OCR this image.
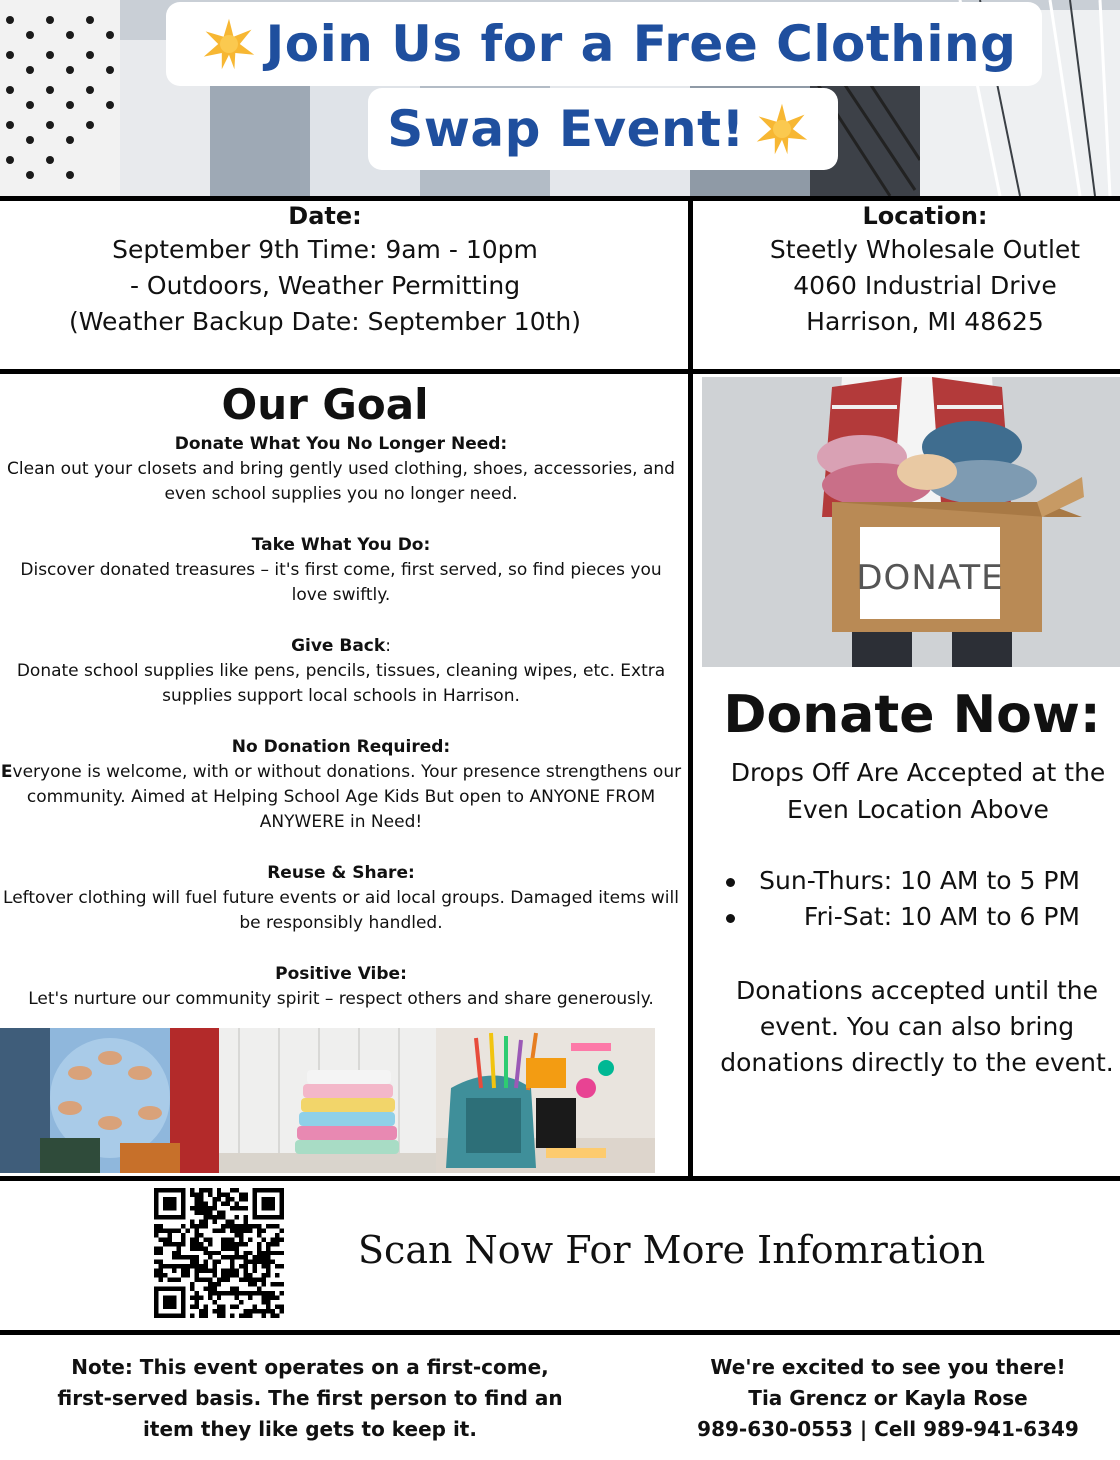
Join Us for a Free Clothing
Swap Event!
Date:
September 9th Time: 9am - 10pm
- Outdoors, Weather Permitting
(Weather Backup Date: September 10th)
Location:
Steetly Wholesale Outlet
4060 Industrial Drive
Harrison, MI 48625
Our Goal
Donate What You No Longer Need:
Clean out your closets and bring gently used clothing, shoes, accessories, and even school supplies you no longer need.
Take What You Do:
Discover donated treasures – it's first come, first served, so find pieces you love swiftly.
Give Back:
Donate school supplies like pens, pencils, tissues, cleaning wipes, etc. Extra supplies support local schools in Harrison.
No Donation Required:
Everyone is welcome, with or without donations. Your presence strengthens our community. Aimed at Helping School Age Kids But open to ANYONE FROM ANYWERE in Need!
Reuse & Share:
Leftover clothing will fuel future events or aid local groups. Damaged items will be responsibly handled.
Positive Vibe:
Let's nurture our community spirit – respect others and share generously.
DONATE
Donate Now:
Drops Off Are Accepted at the
Even Location Above
Sun-Thurs: 10 AM to 5 PM
Fri-Sat: 10 AM to 6 PM
Donations accepted until the
event. You can also bring
donations directly to the event.
Scan Now For More Infomration
Note: This event operates on a first-come,
first-served basis. The first person to find an
item they like gets to keep it.
We're excited to see you there!
Tia Grencz or Kayla Rose
989-630-0553 | Cell 989-941-6349
